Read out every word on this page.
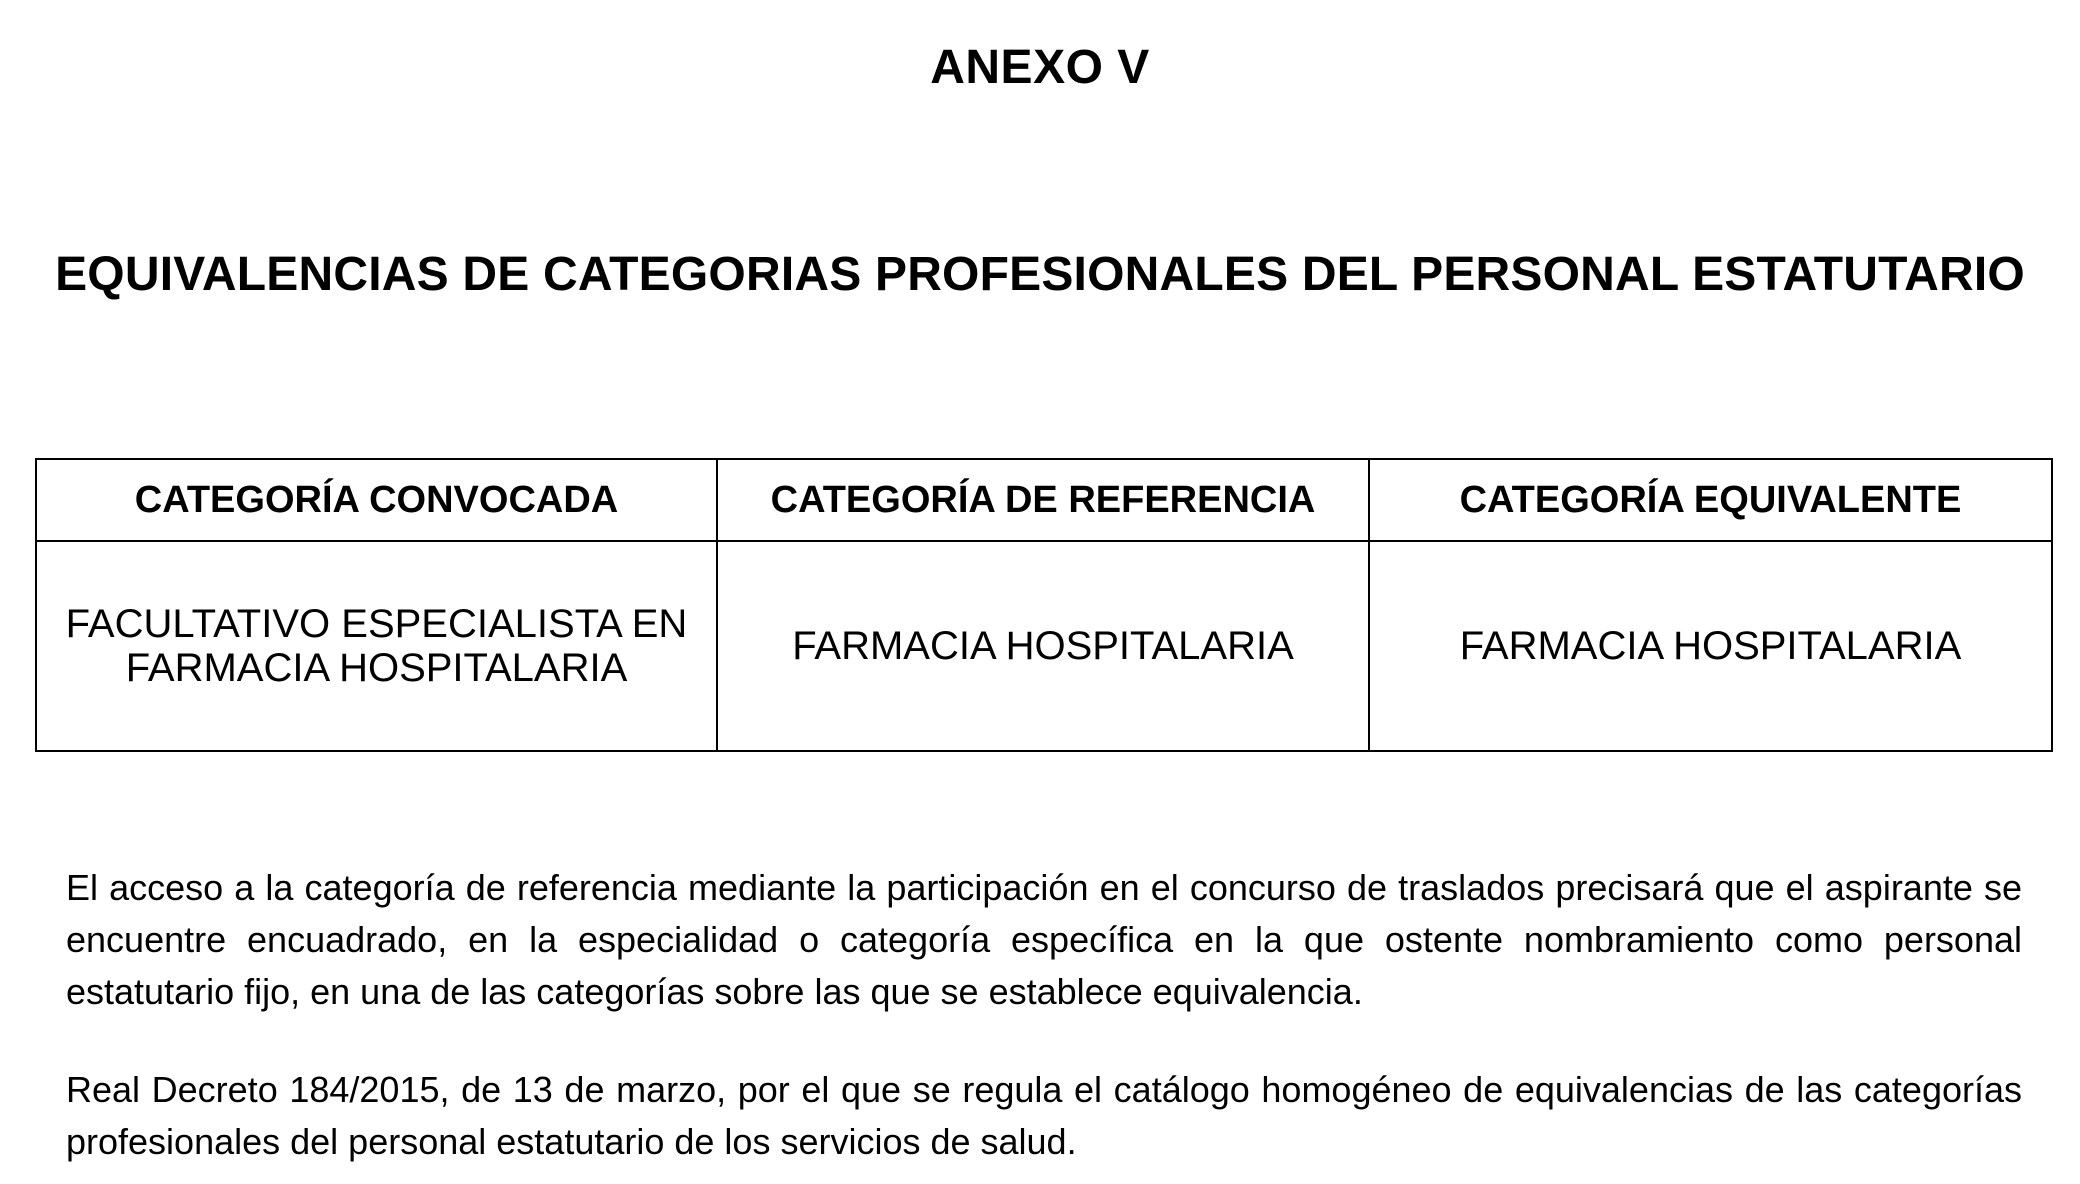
ANEXO V
EQUIVALENCIAS DE CATEGORIAS PROFESIONALES DEL PERSONAL ESTATUTARIO
CATEGORÍA CONVOCADA	CATEGORÍA DE REFERENCIA	CATEGORÍA EQUIVALENTE
FACULTATIVO ESPECIALISTA EN FARMACIA HOSPITALARIA	FARMACIA HOSPITALARIA	FARMACIA HOSPITALARIA
El acceso a la categoría de referencia mediante la participación en el concurso de traslados precisará que el aspirante se encuentre encuadrado, en la especialidad o categoría específica en la que ostente nombramiento como personal estatutario fijo, en una de las categorías sobre las que se establece equivalencia.
Real Decreto 184/2015, de 13 de marzo, por el que se regula el catálogo homogéneo de equivalencias de las categorías profesionales del personal estatutario de los servicios de salud.
